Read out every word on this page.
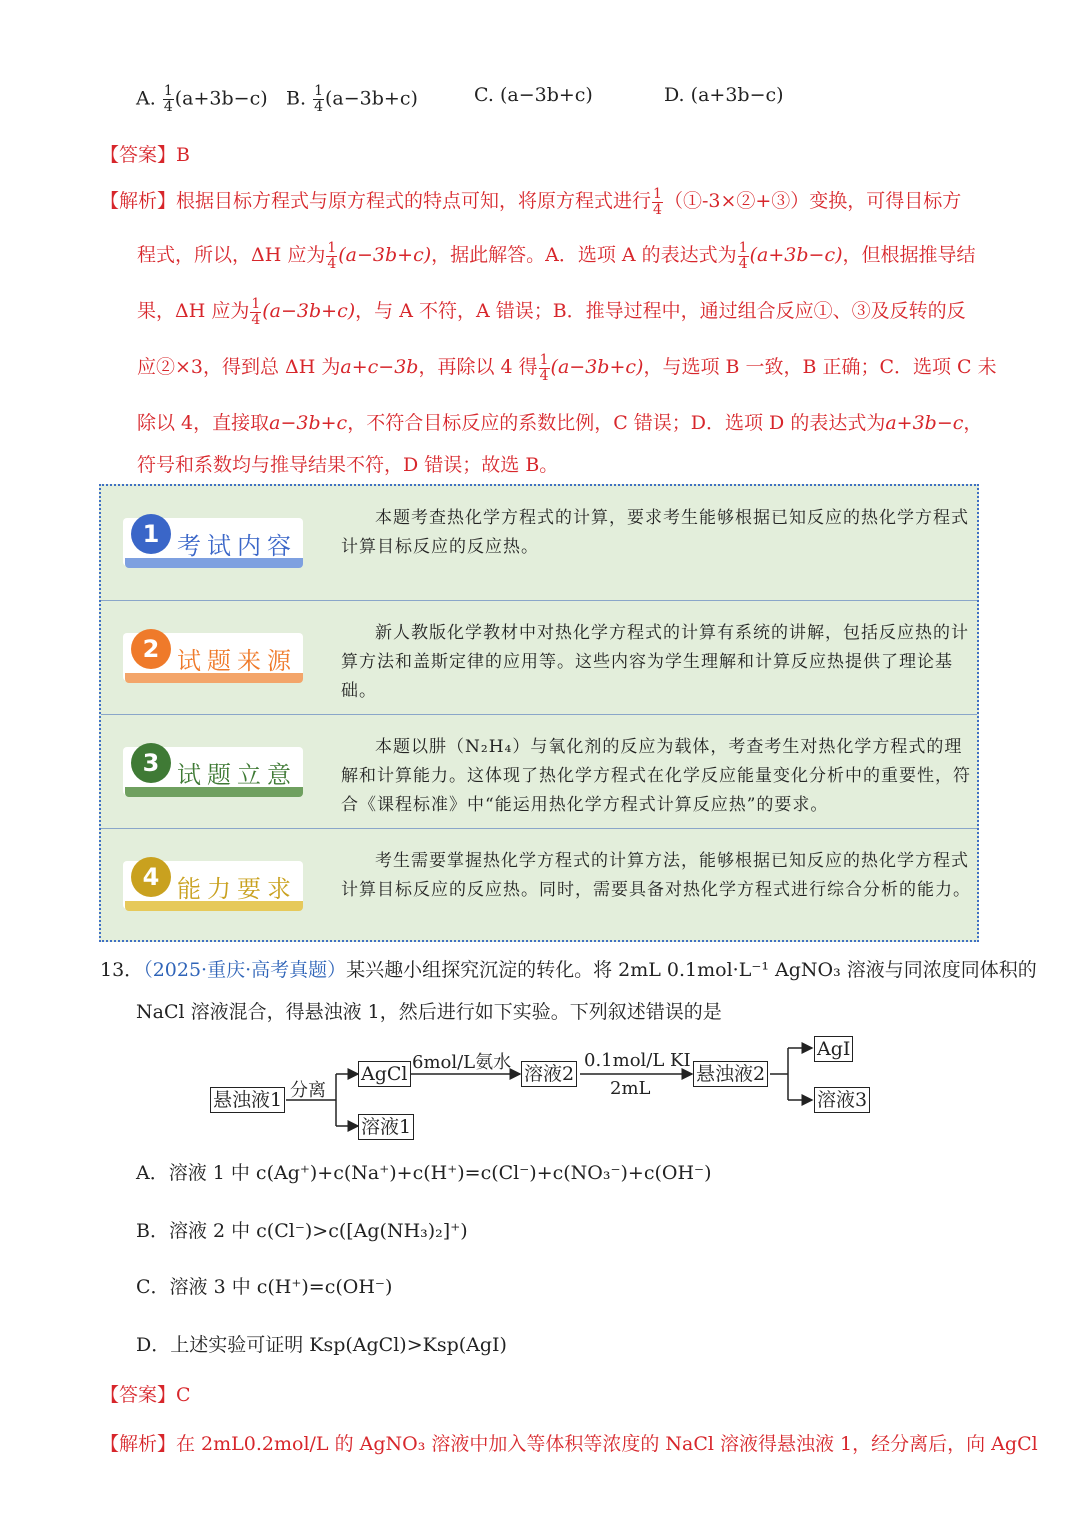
A. $\frac{1}{4} (a+3b-c)$ B. $\frac{1}{4} (a-3b+c)$	C. (a−3b+c)	D. (a+3b−c)
【答案】B
【解析】根据目标方程式与原方程式的特点可知，将原方程式进行 $\frac{1}{4}$ （①-3×②+③）变换，可得目标方
程式，所以，ΔH 应为 $\frac{1}{4} (a-3b+c)$，据此解答。A．选项 A 的表达式为 $\frac{1}{4} (a+3b-c)$，但根据推导结
果，ΔH 应为 $\frac{1}{4} (a-3b+c)$，与 A 不符，A 错误；B．推导过程中，通过组合反应①、③及反转的反
应②×3，得到总 ΔH 为a+c−3b，再除以 4 得 $\frac{1}{4} (a-3b+c)$，与选项 B 一致，B 正确；C．选项 C 未
除以 4，直接取a−3b+c，不符合目标反应的系数比例，C 错误；D．选项 D 的表达式为a+3b−c，
符号和系数均与推导结果不符，D 错误；故选 B。
1 考试内容
本题考查热化学方程式的计算，要求考生能够根据已知反应的热化学方程式计算目标反应的反应热。
2 试题来源
新人教版化学教材中对热化学方程式的计算有系统的讲解，包括反应热的计算方法和盖斯定律的应用等。这些内容为学生理解和计算反应热提供了理论基础。
3 试题立意
本题以肼（N₂H₄）与氧化剂的反应为载体，考查考生对热化学方程式的理解和计算能力。这体现了热化学方程式在化学反应能量变化分析中的重要性，符合《课程标准》中“能运用热化学方程式计算反应热”的要求。
4 能力要求
考生需要掌握热化学方程式的计算方法，能够根据已知反应的热化学方程式计算目标反应的反应热。同时，需要具备对热化学方程式进行综合分析的能力。
13．（2025·重庆·高考真题）某兴趣小组探究沉淀的转化。将 2mL 0.1mol·L⁻¹ AgNO₃ 溶液与同浓度同体积的
NaCl 溶液混合，得悬浊液 1，然后进行如下实验。下列叙述错误的是
悬浊液1 分离
AgCl
溶液1
6mol/L氨水
溶液2
0.1mol/L KI
2mL
悬浊液2
AgI
溶液3
A．溶液 1 中 c(Ag⁺)+c(Na⁺)+c(H⁺)=c(Cl⁻)+c(NO₃⁻)+c(OH⁻)
B．溶液 2 中 c(Cl⁻)>c([Ag(NH₃)₂]⁺)
C．溶液 3 中 c(H⁺)=c(OH⁻)
D．上述实验可证明 Ksp(AgCl)>Ksp(AgI)
【答案】C
【解析】在 2mL0.2mol/L 的 AgNO₃ 溶液中加入等体积等浓度的 NaCl 溶液得悬浊液 1，经分离后，向 AgCl
